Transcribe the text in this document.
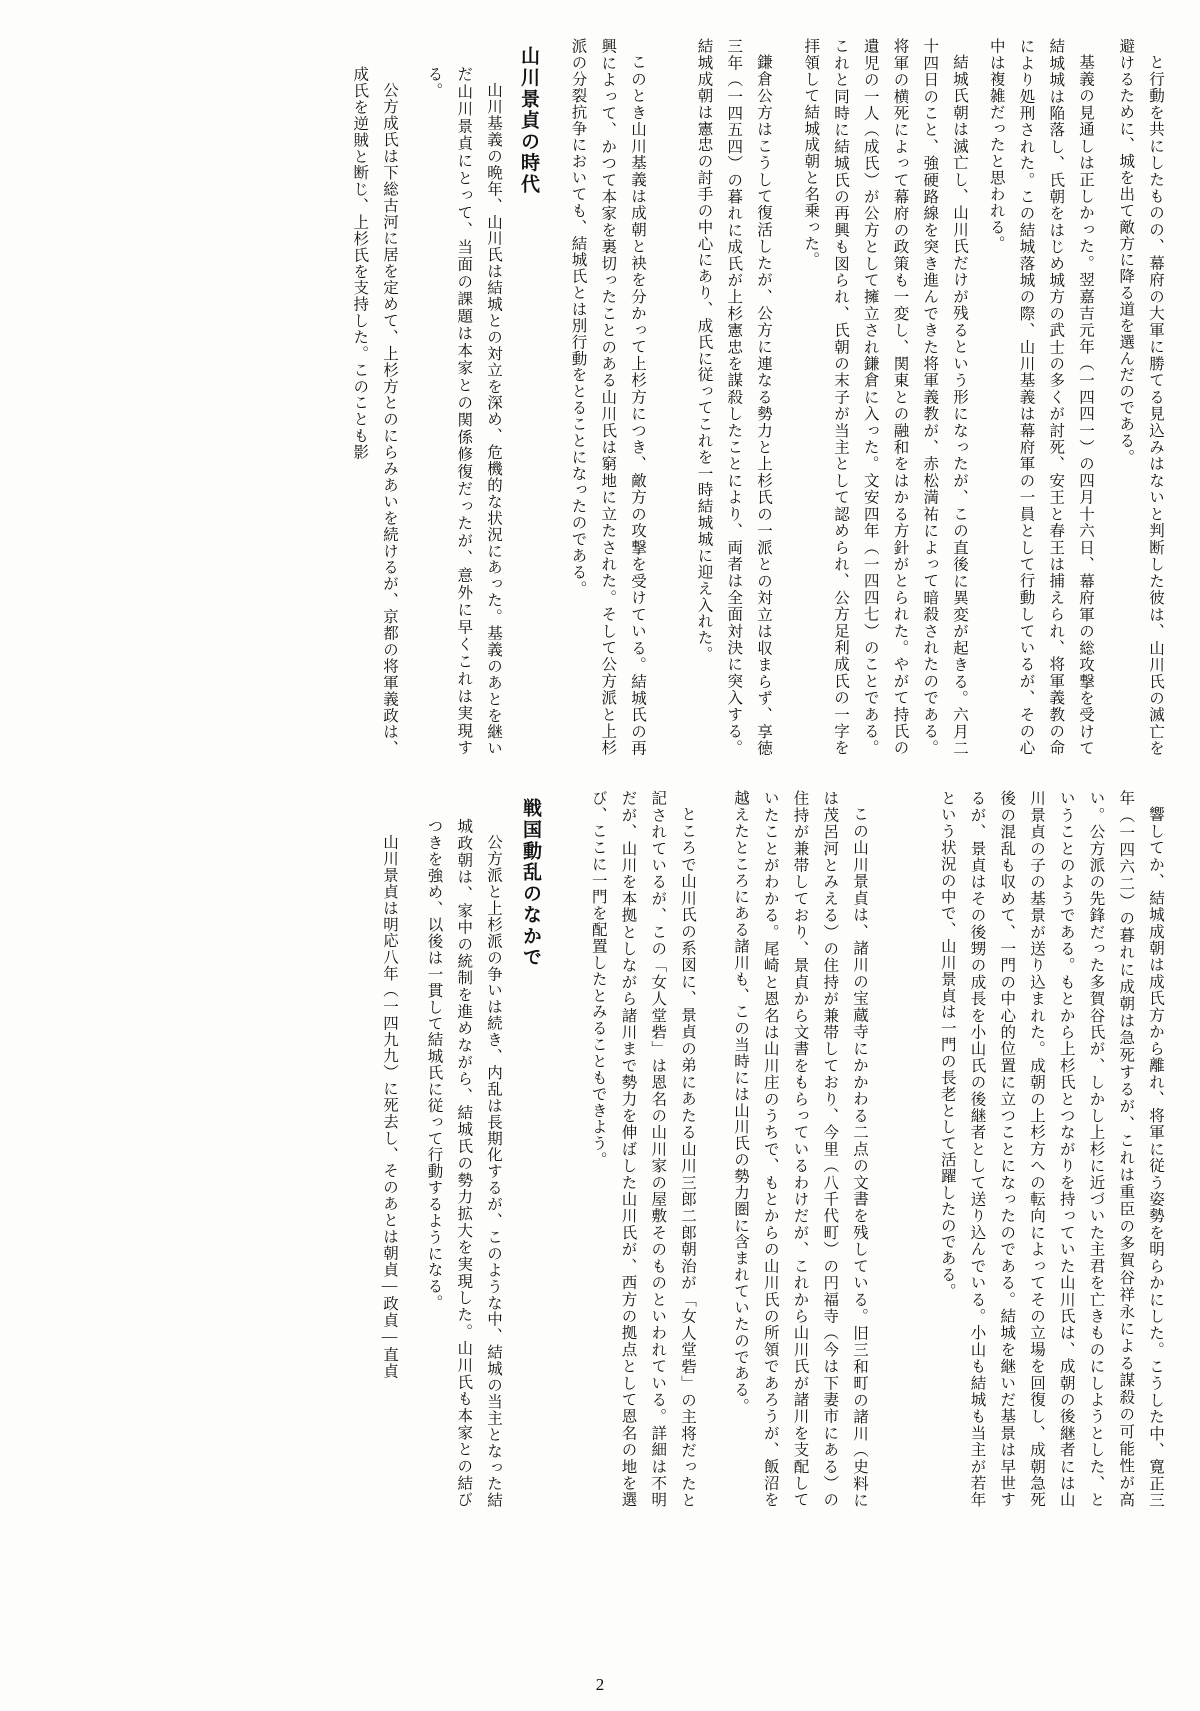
と行動を共にしたものの、幕府の大軍に勝てる見込みはないと判断した彼は、山川氏の滅亡を避けるために、城を出て敵方に降る道を選んだのである。

基義の見通しは正しかった。翌嘉吉元年（一四四一）の四月十六日、幕府軍の総攻撃を受けて結城城は陥落し、氏朝をはじめ城方の武士の多くが討死、安王と春王は捕えられ、将軍義教の命により処刑された。この結城落城の際、山川基義は幕府軍の一員として行動しているが、その心中は複雑だったと思われる。

結城氏朝は滅亡し、山川氏だけが残るという形になったが、この直後に異変が起きる。六月二十四日のこと、強硬路線を突き進んできた将軍義教が、赤松満祐によって暗殺されたのである。将軍の横死によって幕府の政策も一変し、関東との融和をはかる方針がとられた。やがて持氏の遺児の一人（成氏）が公方として擁立され鎌倉に入った。文安四年（一四四七）のことである。これと同時に結城氏の再興も図られ、氏朝の末子が当主として認められ、公方足利成氏の一字を拝領して結城成朝と名乗った。

鎌倉公方はこうして復活したが、公方に連なる勢力と上杉氏の一派との対立は収まらず、享徳三年（一四五四）の暮れに成氏が上杉憲忠を謀殺したことにより、両者は全面対決に突入する。結城成朝は憲忠の討手の中心にあり、成氏に従ってこれを一時結城城に迎え入れた。

このとき山川基義は成朝と袂を分かって上杉方につき、敵方の攻撃を受けている。結城氏の再興によって、かつて本家を裏切ったことのある山川氏は窮地に立たされた。そして公方派と上杉派の分裂抗争においても、結城氏とは別行動をとることになったのである。

山川景貞の時代

山川基義の晩年、山川氏は結城との対立を深め、危機的な状況にあった。基義のあとを継いだ山川景貞にとって、当面の課題は本家との関係修復だったが、意外に早くこれは実現する。

公方成氏は下総古河に居を定めて、上杉方とのにらみあいを続けるが、京都の将軍義政は、成氏を逆賊と断じ、上杉氏を支持した。このことも影

響してか、結城成朝は成氏方から離れ、将軍に従う姿勢を明らかにした。こうした中、寛正三年（一四六二）の暮れに成朝は急死するが、これは重臣の多賀谷祥永による謀殺の可能性が高い。公方派の先鋒だった多賀谷氏が、しかし上杉に近づいた主君を亡きものにしようとした、ということのようである。もとから上杉氏とつながりを持っていた山川氏は、成朝の後継者には山川景貞の子の基景が送り込まれた。成朝の上杉方への転向によってその立場を回復し、成朝急死後の混乱も収めて、一門の中心的位置に立つことになったのである。結城を継いだ基景は早世するが、景貞はその後甥の成長を小山氏の後継者として送り込んでいる。小山も結城も当主が若年という状況の中で、山川景貞は一門の長老として活躍したのである。

この山川景貞は、諸川の宝蔵寺にかかわる二点の文書を残している。旧三和町の諸川（史料には茂呂河とみえる）の住持が兼帯しており、今里（八千代町）の円福寺（今は下妻市にある）の住持が兼帯しており、景貞から文書をもらっているわけだが、これから山川氏が諸川を支配していたことがわかる。尾崎と恩名は山川庄のうちで、もとからの山川氏の所領であろうが、飯沼を越えたところにある諸川も、この当時には山川氏の勢力圏に含まれていたのである。

ところで山川氏の系図に、景貞の弟にあたる山川三郎二郎朝治が「女人堂砦」の主将だったと記されているが、この「女人堂砦」は恩名の山川家の屋敷そのものといわれている。詳細は不明だが、山川を本拠としながら諸川まで勢力を伸ばした山川氏が、西方の拠点として恩名の地を選び、ここに一門を配置したとみることもできよう。

戦国動乱のなかで

公方派と上杉派の争いは続き、内乱は長期化するが、このような中、結城の当主となった結城政朝は、家中の統制を進めながら、結城氏の勢力拡大を実現した。山川氏も本家との結びつきを強め、以後は一貫して結城氏に従って行動するようになる。

山川景貞は明応八年（一四九九）に死去し、そのあとは朝貞―政貞―直貞

2
